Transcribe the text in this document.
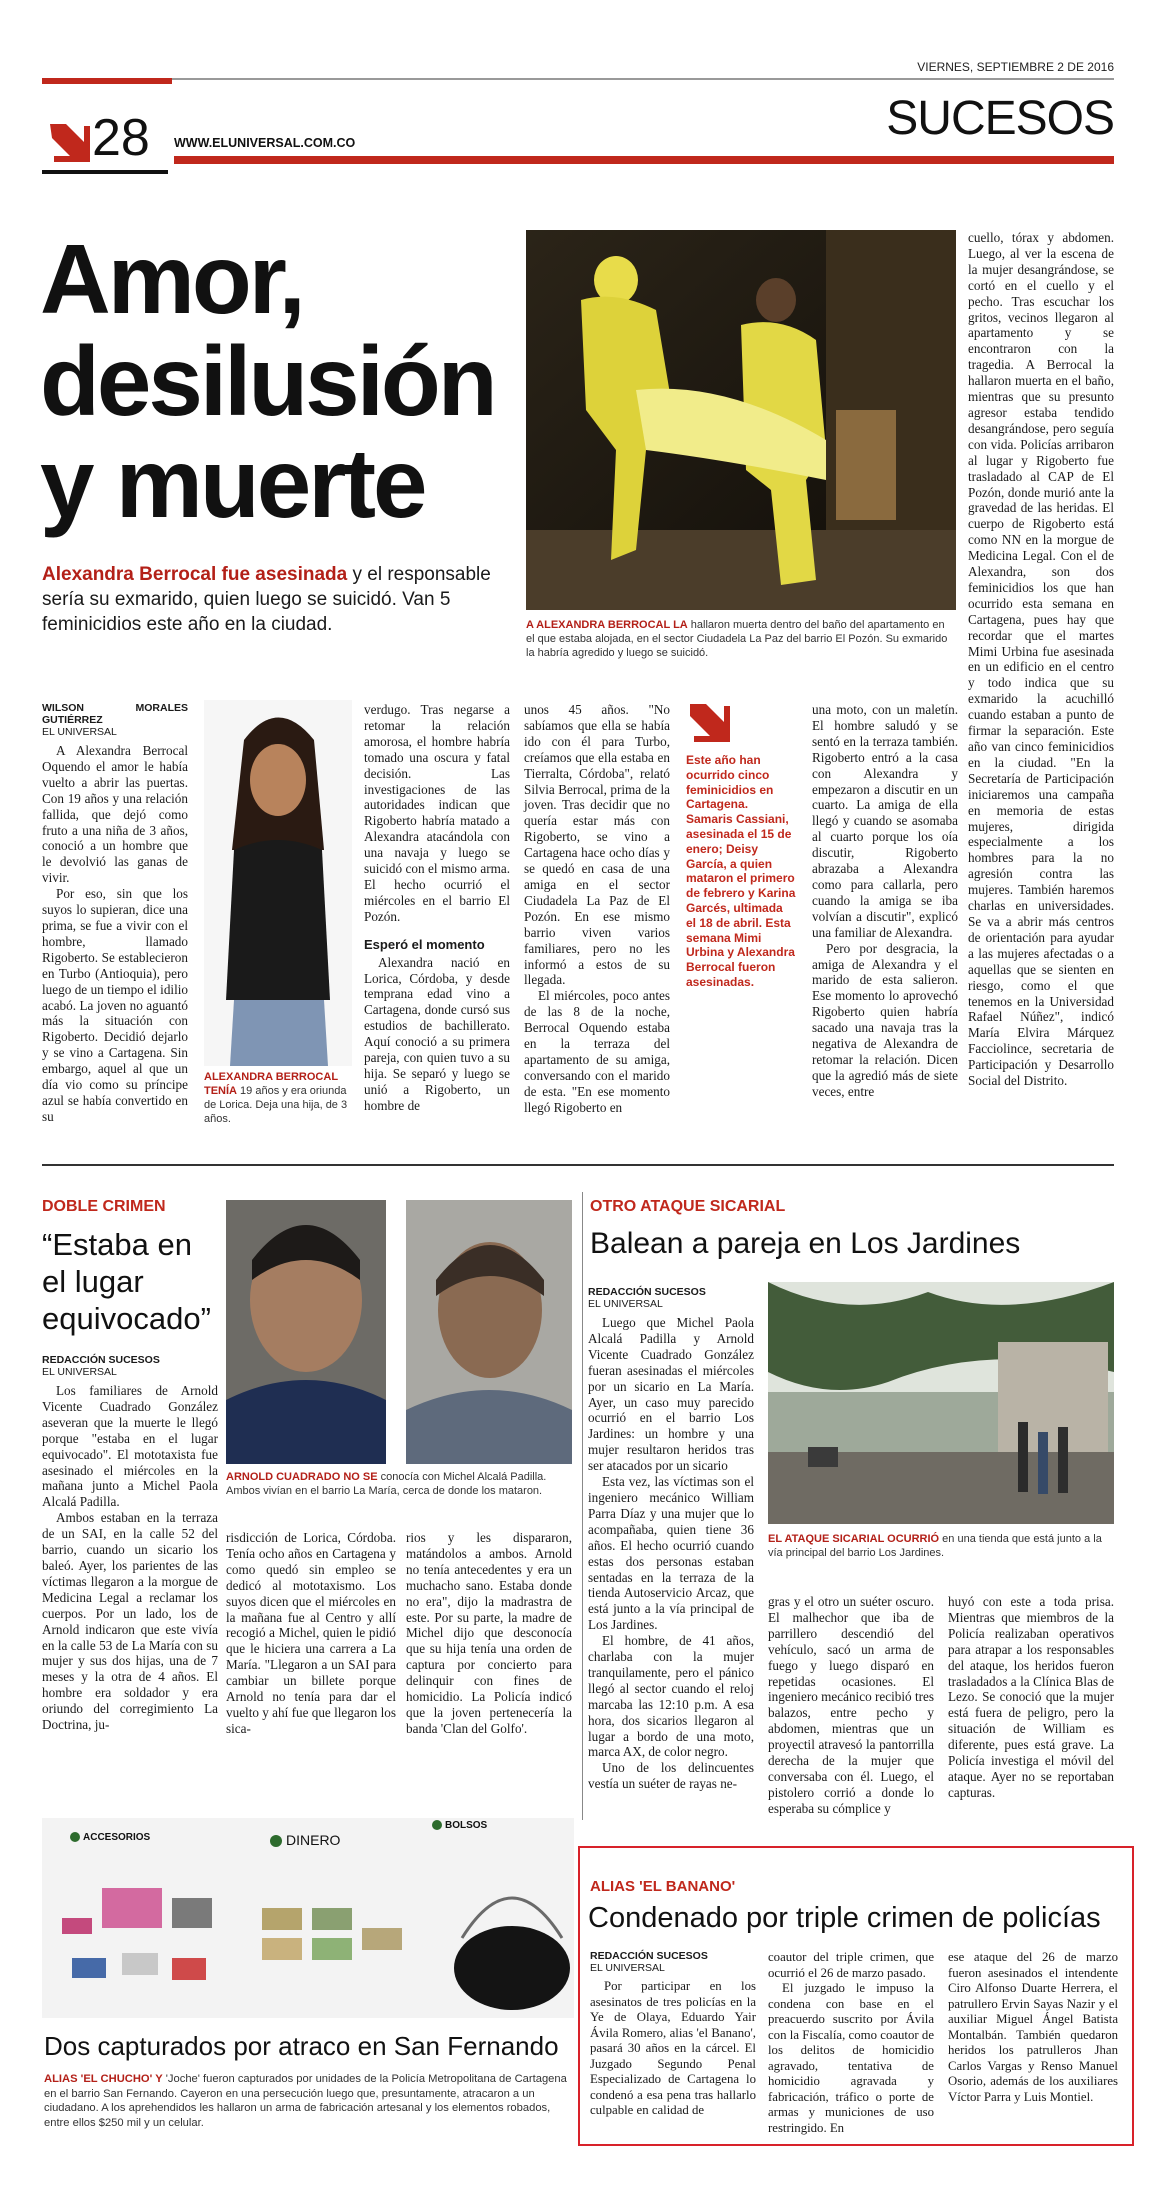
VIERNES, SEPTIEMBRE 2 DE 2016
28 WWW.ELUNIVERSAL.COM.CO	SUCESOS
Amor,
desilusión
y muerte
Alexandra Berrocal fue asesinada y el responsable sería su exmarido, quien luego se suicidó. Van 5 feminicidios este año en la ciudad.	A ALEXANDRA BERROCAL LA hallaron muerta dentro del baño del apartamento en el que estaba alojada, en el sector Ciudadela La Paz del barrio El Pozón. Su exmarido la habría agredido y luego se suicidó.

cuello, tórax y abdomen. Luego, al ver la escena de la mujer desangrándose, se cortó en el cuello y el pecho. Tras escuchar los gritos, vecinos llegaron al apartamento y se encontraron con la tragedia. A Berrocal la hallaron muerta en el baño, mientras que su presunto agresor estaba tendido desangrándose, pero seguía con vida. Policías arribaron al lugar y Rigoberto fue trasladado al CAP de El Pozón, donde murió ante la gravedad de las heridas. El cuerpo de Rigoberto está como NN en la morgue de Medicina Legal. Con el de Alexandra, son dos feminicidios los que han ocurrido esta semana en Cartagena, pues hay que recordar que el martes Mimi Urbina fue asesinada en un edificio en el centro y todo indica que su exmarido la acuchilló cuando estaban a punto de firmar la separación. Este año van cinco feminicidios en la ciudad. "En la Secretaría de Participación iniciaremos una campaña en memoria de estas mujeres, dirigida especialmente a los hombres para la no agresión contra las mujeres. También haremos charlas en universidades. Se va a abrir más centros de orientación para ayudar a las mujeres afectadas o a aquellas que se sienten en riesgo, como el que tenemos en la Universidad Rafael Núñez", indicó María Elvira Márquez Facciolince, secretaria de Participación y Desarrollo Social del Distrito.

WILSON MORALES GUTIÉRREZ
EL UNIVERSAL

A Alexandra Berrocal Oquendo el amor le había vuelto a abrir las puertas. Con 19 años y una relación fallida, que dejó como fruto a una niña de 3 años, conoció a un hombre que le devolvió las ganas de vivir.

Por eso, sin que los suyos lo supieran, dice una prima, se fue a vivir con el hombre, llamado Rigoberto. Se establecieron en Turbo (Antioquia), pero luego de un tiempo el idilio acabó. La joven no aguantó más la situación con Rigoberto. Decidió dejarlo y se vino a Cartagena. Sin embargo, aquel al que un día vio como su príncipe azul se había convertido en su

ALEXANDRA BERROCAL TENÍA 19 años y era oriunda de Lorica. Deja una hija, de 3 años.

verdugo. Tras negarse a retomar la relación amorosa, el hombre habría tomado una oscura y fatal decisión. Las investigaciones de las autoridades indican que Rigoberto habría matado a Alexandra atacándola con una navaja y luego se suicidó con el mismo arma. El hecho ocurrió el miércoles en el barrio El Pozón.

Esperó el momento

Alexandra nació en Lorica, Córdoba, y desde temprana edad vino a Cartagena, donde cursó sus estudios de bachillerato. Aquí conoció a su primera pareja, con quien tuvo a su hija. Se separó y luego se unió a Rigoberto, un hombre de

unos 45 años. "No sabíamos que ella se había ido con él para Turbo, creíamos que ella estaba en Tierralta, Córdoba", relató Silvia Berrocal, prima de la joven. Tras decidir que no quería estar más con Rigoberto, se vino a Cartagena hace ocho días y se quedó en casa de una amiga en el sector Ciudadela La Paz de El Pozón. En ese mismo barrio viven varios familiares, pero no les informó a estos de su llegada.

El miércoles, poco antes de las 8 de la noche, Berrocal Oquendo estaba en la terraza del apartamento de su amiga, conversando con el marido de esta. "En ese momento llegó Rigoberto en

Este año han ocurrido cinco feminicidios en Cartagena. Samaris Cassiani, asesinada el 15 de enero; Deisy García, a quien mataron el primero de febrero y Karina Garcés, ultimada el 18 de abril. Esta semana Mimi Urbina y Alexandra Berrocal fueron asesinadas.

una moto, con un maletín. El hombre saludó y se sentó en la terraza también. Rigoberto entró a la casa con Alexandra y empezaron a discutir en un cuarto. La amiga de ella llegó y cuando se asomaba al cuarto porque los oía discutir, Rigoberto abrazaba a Alexandra como para callarla, pero cuando la amiga se iba volvían a discutir", explicó una familiar de Alexandra.

Pero por desgracia, la amiga de Alexandra y el marido de esta salieron. Ese momento lo aprovechó Rigoberto quien habría sacado una navaja tras la negativa de Alexandra de retomar la relación. Dicen que la agredió más de siete veces, entre

DOBLE CRIMEN
“Estaba en el lugar equivocado”
ARNOLD CUADRADO NO SE conocía con Michel Alcalá Padilla. Ambos vivían en el barrio La María, cerca de donde los mataron.
REDACCIÓN SUCESOS
EL UNIVERSAL

Los familiares de Arnold Vicente Cuadrado González aseveran que la muerte le llegó porque "estaba en el lugar equivocado". El mototaxista fue asesinado el miércoles en la mañana junto a Michel Paola Alcalá Padilla.

Ambos estaban en la terraza de un SAI, en la calle 52 del barrio, cuando un sicario los baleó. Ayer, los parientes de las víctimas llegaron a la morgue de Medicina Legal a reclamar los cuerpos. Por un lado, los de Arnold indicaron que este vivía en la calle 53 de La María con su mujer y sus dos hijas, una de 7 meses y la otra de 4 años. El hombre era soldador y era oriundo del corregimiento La Doctrina, ju-

risdicción de Lorica, Córdoba. Tenía ocho años en Cartagena y como quedó sin empleo se dedicó al mototaxismo. Los suyos dicen que el miércoles en la mañana fue al Centro y allí recogió a Michel, quien le pidió que le hiciera una carrera a La María. "Llegaron a un SAI para cambiar un billete porque Arnold no tenía para dar el vuelto y ahí fue que llegaron los sica-

rios y les dispararon, matándolos a ambos. Arnold no tenía antecedentes y era un muchacho sano. Estaba donde no era", dijo la madrastra de este. Por su parte, la madre de Michel dijo que desconocía que su hija tenía una orden de captura por concierto para delinquir con fines de homicidio. La Policía indicó que la joven pertenecería la banda 'Clan del Golfo'.

OTRO ATAQUE SICARIAL
Balean a pareja en Los Jardines
REDACCIÓN SUCESOS
EL UNIVERSAL

Luego que Michel Paola Alcalá Padilla y Arnold Vicente Cuadrado González fueran asesinadas el miércoles por un sicario en La María. Ayer, un caso muy parecido ocurrió en el barrio Los Jardines: un hombre y una mujer resultaron heridos tras ser atacados por un sicario

Esta vez, las víctimas son el ingeniero mecánico William Parra Díaz y una mujer que lo acompañaba, quien tiene 36 años. El hecho ocurrió cuando estas dos personas estaban sentadas en la terraza de la tienda Autoservicio Arcaz, que está junto a la vía principal de Los Jardines.

El hombre, de 41 años, charlaba con la mujer tranquilamente, pero el pánico llegó al sector cuando el reloj marcaba las 12:10 p.m. A esa hora, dos sicarios llegaron al lugar a bordo de una moto, marca AX, de color negro.

Uno de los delincuentes vestía un suéter de rayas ne-

EL ATAQUE SICARIAL OCURRIÓ en una tienda que está junto a la vía principal del barrio Los Jardines.

gras y el otro un suéter oscuro. El malhechor que iba de parrillero descendió del vehículo, sacó un arma de fuego y luego disparó en repetidas ocasiones. El ingeniero mecánico recibió tres balazos, entre pecho y abdomen, mientras que un proyectil atravesó la pantorrilla derecha de la mujer que conversaba con él. Luego, el pistolero corrió a donde lo esperaba su cómplice y

huyó con este a toda prisa. Mientras que miembros de la Policía realizaban operativos para atrapar a los responsables del ataque, los heridos fueron trasladados a la Clínica Blas de Lezo. Se conoció que la mujer está fuera de peligro, pero la situación de William es diferente, pues está grave. La Policía investiga el móvil del ataque. Ayer no se reportaban capturas.

ACCESORIOS	DINERO
BOLSOS
Dos capturados por atraco en San Fernando
ALIAS 'EL CHUCHO' Y 'Joche' fueron capturados por unidades de la Policía Metropolitana de Cartagena en el barrio San Fernando. Cayeron en una persecución luego que, presuntamente, atracaron a un ciudadano. A los aprehendidos les hallaron un arma de fabricación artesanal y los elementos robados, entre ellos $250 mil y un celular.
ALIAS 'EL BANANO'
Condenado por triple crimen de policías
REDACCIÓN SUCESOS
EL UNIVERSAL

Por participar en los asesinatos de tres policías en la Ye de Olaya, Eduardo Yair Ávila Romero, alias 'el Banano', pasará 30 años en la cárcel. El Juzgado Segundo Penal Especializado de Cartagena lo condenó a esa pena tras hallarlo culpable en calidad de

coautor del triple crimen, que ocurrió el 26 de marzo pasado.

El juzgado le impuso la condena con base en el preacuerdo suscrito por Ávila con la Fiscalía, como coautor de los delitos de homicidio agravado, tentativa de homicidio agravada y fabricación, tráfico o porte de armas y municiones de uso restringido. En

ese ataque del 26 de marzo fueron asesinados el intendente Ciro Alfonso Duarte Herrera, el patrullero Ervin Sayas Nazir y el auxiliar Miguel Ángel Batista Montalbán. También quedaron heridos los patrulleros Jhan Carlos Vargas y Renso Manuel Osorio, además de los auxiliares Víctor Parra y Luis Montiel.
